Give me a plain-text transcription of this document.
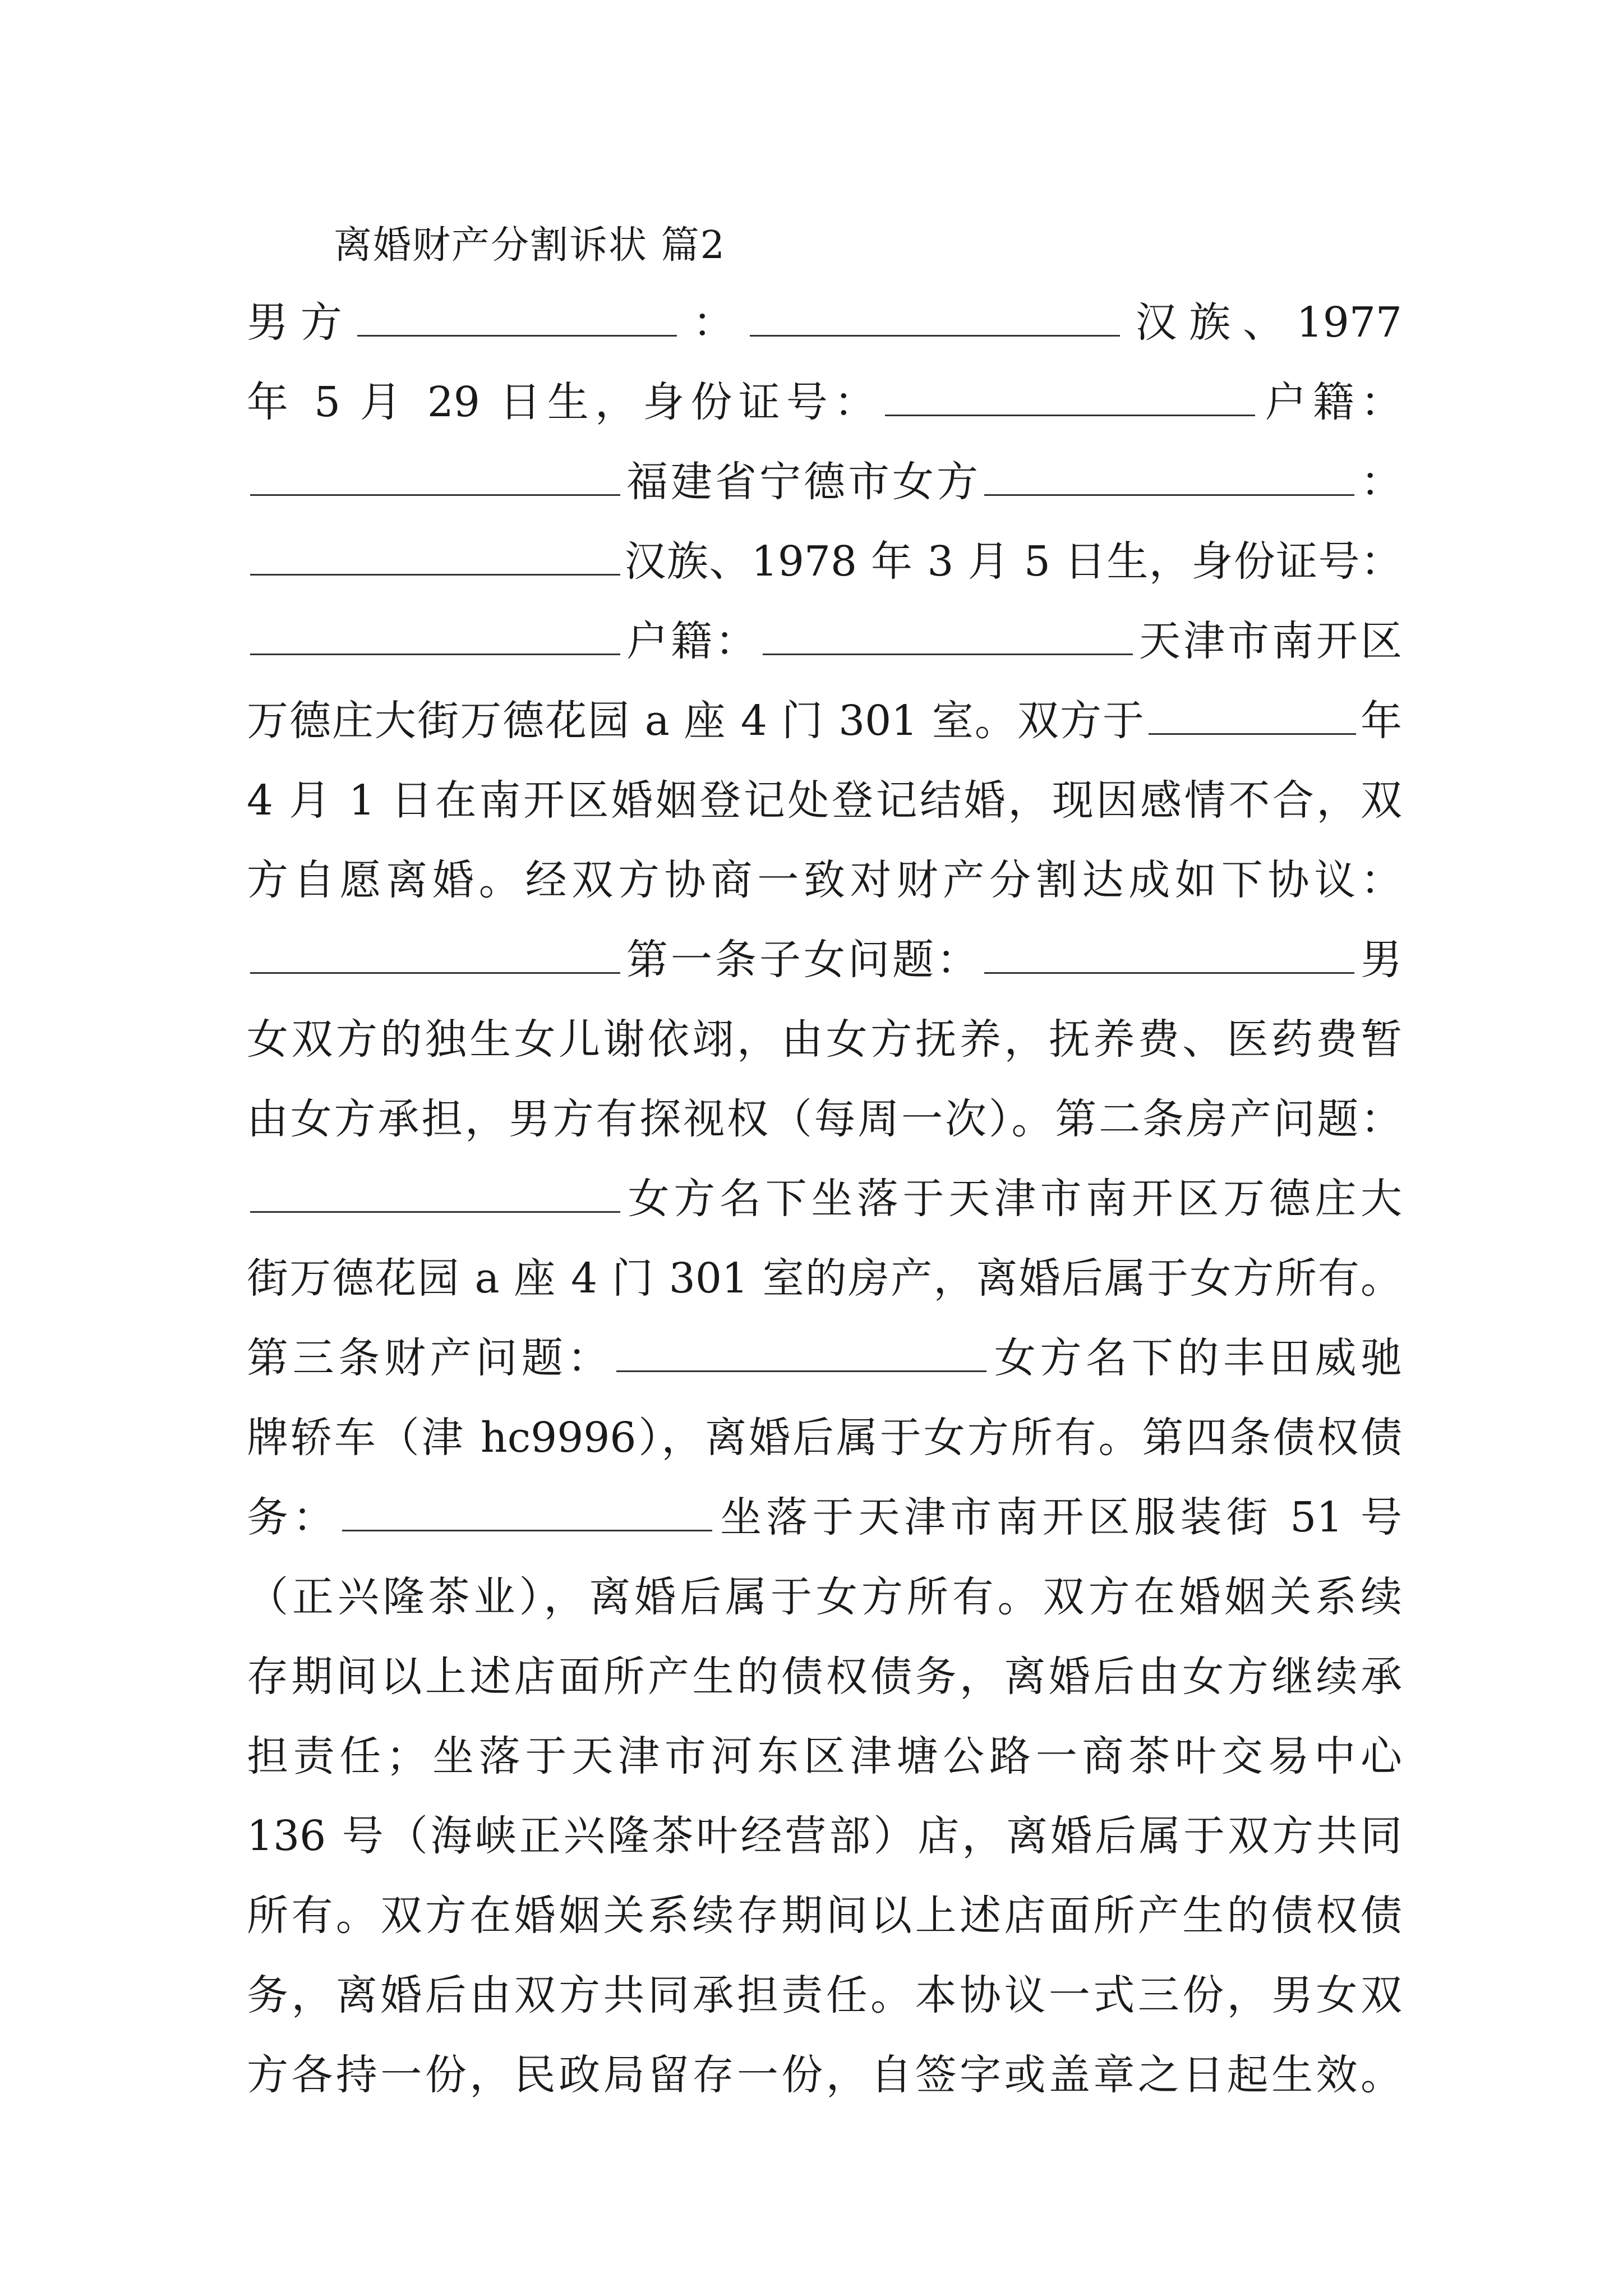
离婚财产分割诉状 篇2
男方	：	汉族、1977
年 5 月 29 日生，身份证号：	户籍：
福建省宁德市女方	：
汉族、1978 年 3 月 5 日生，身份证号：
户籍：	天津市南开区
万德庄大街万德花园 a 座 4 门 301 室。双方于	年
4 月 1 日在南开区婚姻登记处登记结婚，现因感情不合，双
方自愿离婚。经双方协商一致对财产分割达成如下协议：
第一条子女问题：	男
女双方的独生女儿谢依翊，由女方抚养，抚养费、医药费暂
由女方承担，男方有探视权（每周一次）。第二条房产问题：
女方名下坐落于天津市南开区万德庄大
街万德花园 a 座 4 门 301 室的房产，离婚后属于女方所有。
第三条财产问题：	女方名下的丰田威驰
牌轿车（津 hc9996），离婚后属于女方所有。第四条债权债
务：	坐落于天津市南开区服装街 51 号
（正兴隆茶业），离婚后属于女方所有。双方在婚姻关系续
存期间以上述店面所产生的债权债务，离婚后由女方继续承
担责任；坐落于天津市河东区津塘公路一商茶叶交易中心
136 号（海峡正兴隆茶叶经营部）店，离婚后属于双方共同
所有。双方在婚姻关系续存期间以上述店面所产生的债权债
务，离婚后由双方共同承担责任。本协议一式三份，男女双
方各持一份，民政局留存一份，自签字或盖章之日起生效。
